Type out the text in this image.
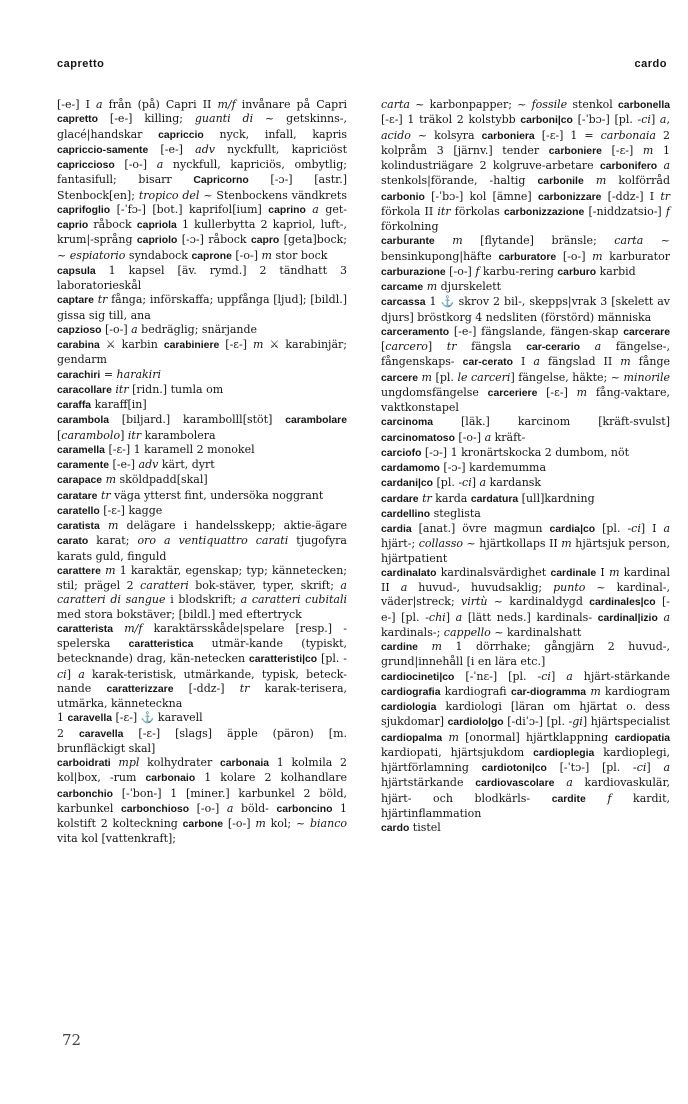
capretto	cardo

[-e-] I a från (på) Capri II m/f invånare på Capri capretto [-e-] killing; guanti di ~ getskinns-, glacé|handskar capriccio nyck, infall, kapris capriccio-samente [-e-] adv nyckfullt, kapriciöst capriccioso [-o-] a nyckfull, kapriciös, ombytlig; fantasifull; bisarr Capricorno [-ɔ-] [astr.] Stenbock[en]; tropico del ~ Stenbockens vändkrets caprifoglio [-ˈfɔ-] [bot.] kaprifol[ium] caprino a get- caprio råbock capriola 1 kullerbytta 2 kapriol, luft-, krum|-språng capriolo [-ɔ-] råbock capro [geta]bock; ~ espiatorio syndabock caprone [-o-] m stor bock

capsula 1 kapsel [äv. rymd.] 2 tändhatt 3 laboratorieskål

captare tr fånga; införskaffa; uppfånga [ljud]; [bildl.] gissa sig till, ana

capzioso [-o-] a bedräglig; snärjande

carabina ⚔ karbin carabiniere [-ɛ-] m ⚔ karabinjär; gendarm

carachiri = harakiri

caracollare itr [ridn.] tumla om

caraffa karaff[in]

carambola [biljard.] karambolll[stöt] carambolare [carambolo] itr karambolera

caramella [-ɛ-] 1 karamell 2 monokel

caramente [-e-] adv kärt, dyrt

carapace m sköldpadd[skal]

caratare tr väga ytterst fint, undersöka noggrant

caratello [-ɛ-] kagge

caratista m delägare i handelsskepp; aktie-ägare carato karat; oro a ventiquattro carati tjugofyra karats guld, finguld

carattere m 1 karaktär, egenskap; typ; kännetecken; stil; prägel 2 caratteri bok-stäver, typer, skrift; a caratteri di sangue i blodskrift; a caratteri cubitali med stora bokstäver; [bildl.] med eftertryck

caratterista m/f karaktärsskåde|spelare [resp.] -spelerska caratteristica utmär-kande (typiskt, betecknande) drag, kän-netecken caratteristi|co [pl. -ci] a karak-teristisk, utmärkande, typisk, beteck-nande caratterizzare [-ddz-] tr karak-terisera, utmärka, känneteckna

1 caravella [-ɛ-] ⚓ karavell

2 caravella [-ɛ-] [slags] äpple (päron) [m. brunfläckigt skal]

carboidrati mpl kolhydrater carbonaia 1 kolmila 2 kol|box, -rum carbonaio 1 kolare 2 kolhandlare carbonchio [-ˈbon-] 1 [miner.] karbunkel 2 böld, karbunkel carbonchioso [-o-] a böld- carboncino 1 kolstift 2 kolteckning carbone [-o-] m kol; ~ bianco vita kol [vattenkraft];

carta ~ karbonpapper; ~ fossile stenkol carbonella [-ɛ-] 1 träkol 2 kolstybb carboni|co [-ˈbɔ-] [pl. -ci] a, acido ~ kolsyra carboniera [-ɛ-] 1 = carbonaia 2 kolpråm 3 [järnv.] tender carboniere [-ɛ-] m 1 kolindustriägare 2 kolgruve-arbetare carbonifero a stenkols|förande, -haltig carbonile m kolförråd carbonio [-ˈbɔ-] kol [ämne] carbonizzare [-ddz-] I tr förkola II itr förkolas carbonizzazione [-niddzatsio-] f förkolning

carburante m [flytande] bränsle; carta ~ bensinkupong|häfte carburatore [-o-] m karburator carburazione [-o-] f karbu-rering carburo karbid

carcame m djurskelett

carcassa 1 ⚓ skrov 2 bil-, skepps|vrak 3 [skelett av djurs] bröstkorg 4 nedsliten (förstörd) människa

carceramento [-e-] fängslande, fängen-skap carcerare [carcero] tr fängsla car-cerario a fängelse-, fångenskaps- car-cerato I a fängslad II m fånge carcere m [pl. le carceri] fängelse, häkte; ~ minorile ungdomsfängelse carceriere [-ɛ-] m fång-vaktare, vaktkonstapel

carcinoma [läk.] karcinom [kräft-svulst] carcinomatoso [-o-] a kräft-

carciofo [-ɔ-] 1 kronärtskocka 2 dumbom, nöt

cardamomo [-ɔ-] kardemumma

cardani|co [pl. -ci] a kardansk

cardare tr karda cardatura [ull]kardning

cardellino steglista

cardia [anat.] övre magmun cardia|co [pl. -ci] I a hjärt-; collasso ~ hjärtkollaps II m hjärtsjuk person, hjärtpatient

cardinalato kardinalsvärdighet cardinale I m kardinal II a huvud-, huvudsaklig; punto ~ kardinal-, väder|streck; virtù ~ kardinaldygd cardinales|co [-e-] [pl. -chi] a [lätt neds.] kardinals- cardinal|izio a kardinals-; cappello ~ kardinalshatt

cardine m 1 dörrhake; gångjärn 2 huvud-, grund|innehåll [i en lära etc.]

cardiocineti|co [-ˈnɛ-] [pl. -ci] a hjärt-stärkande cardiografia kardiografi car-diogramma m kardiogram cardiologia kardiologi [läran om hjärtat o. dess sjukdomar] cardiolo|go [-diˈɔ-] [pl. -gi] hjärtspecialist cardiopalma m [onormal] hjärtklappning cardiopatia kardiopati, hjärtsjukdom cardioplegia kardioplegi, hjärtförlamning cardiotoni|co [-ˈtɔ-] [pl. -ci] a hjärtstärkande cardiovascolare a kardiovaskulär, hjärt- och blodkärls- cardite f kardit, hjärtinflammation

cardo tistel

72
